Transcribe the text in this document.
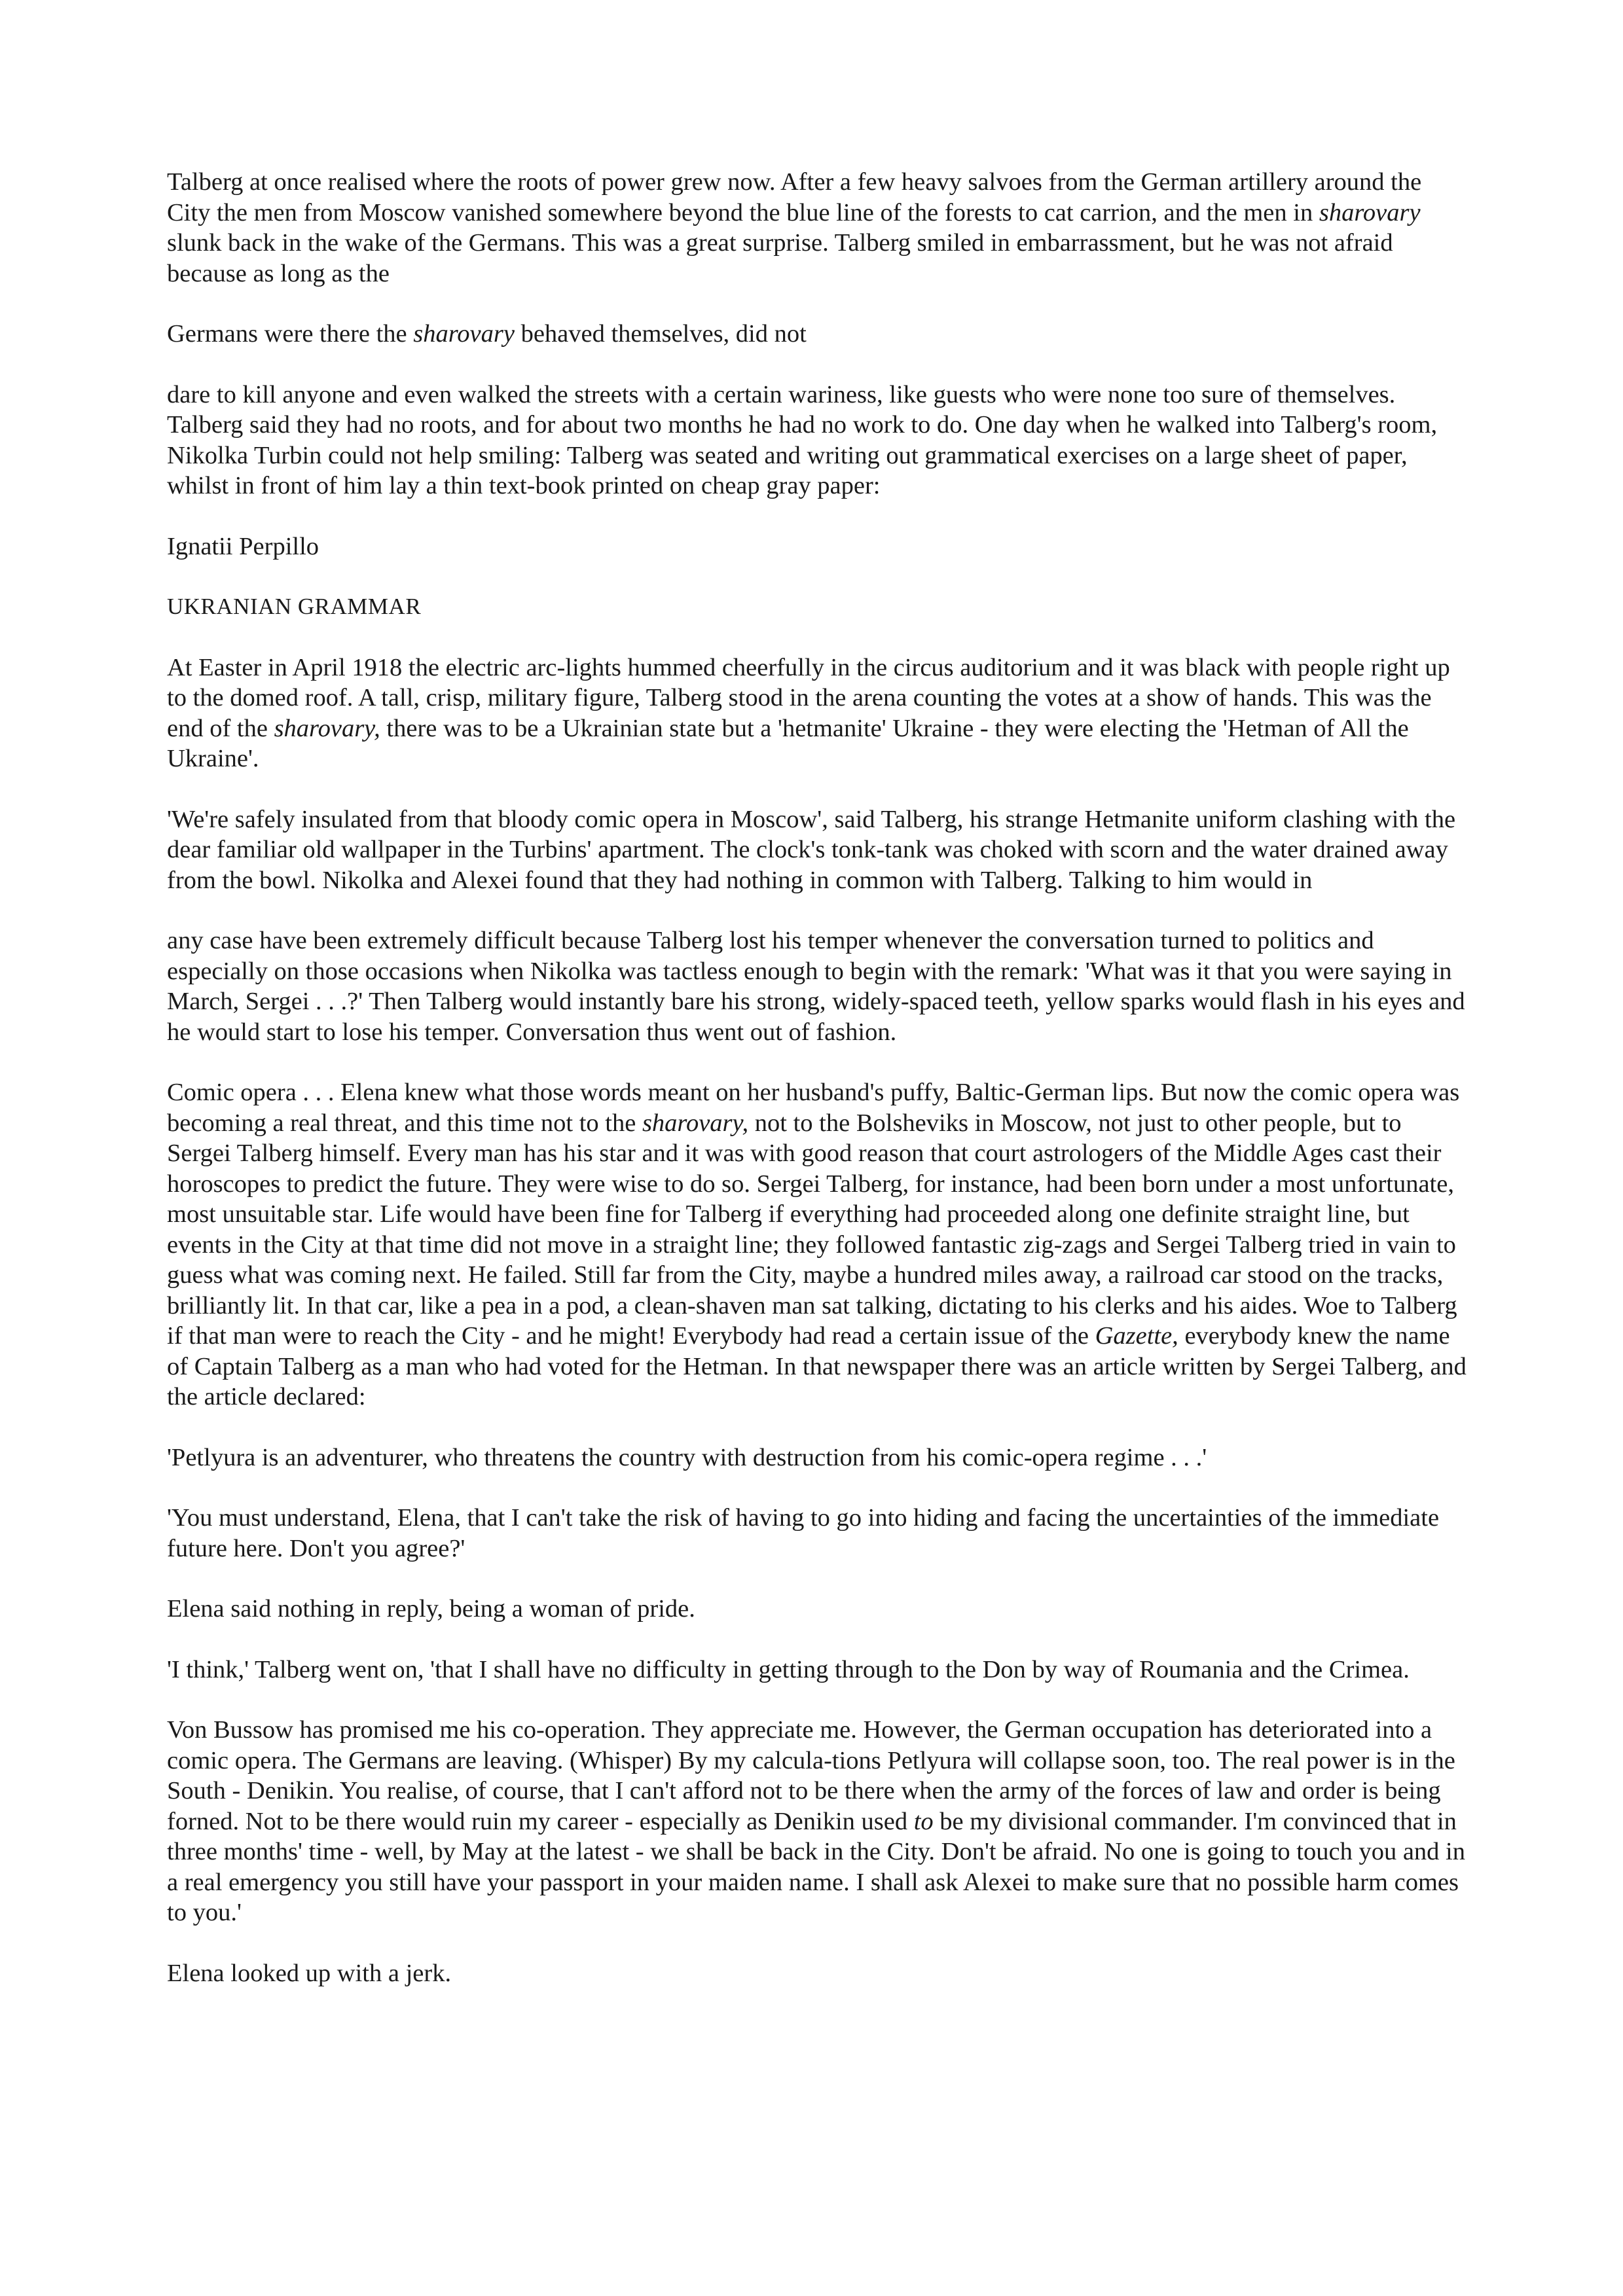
Talberg at once realised where the roots of power grew now. After a few heavy salvoes from the German artillery around the City the men from Moscow vanished somewhere beyond the blue line of the forests to cat carrion, and the men in sharovary slunk back in the wake of the Germans. This was a great surprise. Talberg smiled in embarrassment, but he was not afraid because as long as the

Germans were there the sharovary behaved themselves, did not

dare to kill anyone and even walked the streets with a certain wariness, like guests who were none too sure of themselves. Talberg said they had no roots, and for about two months he had no work to do. One day when he walked into Talberg's room, Nikolka Turbin could not help smiling: Talberg was seated and writing out grammatical exercises on a large sheet of paper, whilst in front of him lay a thin text-book printed on cheap gray paper:

Ignatii Perpillo

UKRANIAN GRAMMAR

At Easter in April 1918 the electric arc-lights hummed cheerfully in the circus auditorium and it was black with people right up to the domed roof. A tall, crisp, military figure, Talberg stood in the arena counting the votes at a show of hands. This was the end of the sharovary, there was to be a Ukrainian state but a 'hetmanite' Ukraine - they were electing the 'Hetman of All the Ukraine'.

'We're safely insulated from that bloody comic opera in Moscow', said Talberg, his strange Hetmanite uniform clashing with the dear familiar old wallpaper in the Turbins' apartment. The clock's tonk-tank was choked with scorn and the water drained away from the bowl. Nikolka and Alexei found that they had nothing in common with Talberg. Talking to him would in

any case have been extremely difficult because Talberg lost his temper whenever the conversation turned to politics and especially on those occasions when Nikolka was tactless enough to begin with the remark: 'What was it that you were saying in March, Sergei . . .?' Then Talberg would instantly bare his strong, widely-spaced teeth, yellow sparks would flash in his eyes and he would start to lose his temper. Conversation thus went out of fashion.

Comic opera . . . Elena knew what those words meant on her husband's puffy, Baltic-German lips. But now the comic opera was becoming a real threat, and this time not to the sharovary, not to the Bolsheviks in Moscow, not just to other people, but to Sergei Talberg himself. Every man has his star and it was with good reason that court astrologers of the Middle Ages cast their horoscopes to predict the future. They were wise to do so. Sergei Talberg, for instance, had been born under a most unfortunate, most unsuitable star. Life would have been fine for Talberg if everything had proceeded along one definite straight line, but events in the City at that time did not move in a straight line; they followed fantastic zig-zags and Sergei Talberg tried in vain to guess what was coming next. He failed. Still far from the City, maybe a hundred miles away, a railroad car stood on the tracks, brilliantly lit. In that car, like a pea in a pod, a clean-shaven man sat talking, dictating to his clerks and his aides. Woe to Talberg if that man were to reach the City - and he might! Everybody had read a certain issue of the Gazette, everybody knew the name of Captain Talberg as a man who had voted for the Hetman. In that newspaper there was an article written by Sergei Talberg, and the article declared:

'Petlyura is an adventurer, who threatens the country with destruction from his comic-opera regime . . .'

'You must understand, Elena, that I can't take the risk of having to go into hiding and facing the uncertainties of the immediate future here. Don't you agree?'

Elena said nothing in reply, being a woman of pride.

'I think,' Talberg went on, 'that I shall have no difficulty in getting through to the Don by way of Roumania and the Crimea.

Von Bussow has promised me his co-operation. They appreciate me. However, the German occupation has deteriorated into a comic opera. The Germans are leaving. (Whisper) By my calcula-tions Petlyura will collapse soon, too. The real power is in the South - Denikin. You realise, of course, that I can't afford not to be there when the army of the forces of law and order is being forned. Not to be there would ruin my career - especially as Denikin used to be my divisional commander. I'm convinced that in three months' time - well, by May at the latest - we shall be back in the City. Don't be afraid. No one is going to touch you and in a real emergency you still have your passport in your maiden name. I shall ask Alexei to make sure that no possible harm comes to you.'

Elena looked up with a jerk.
